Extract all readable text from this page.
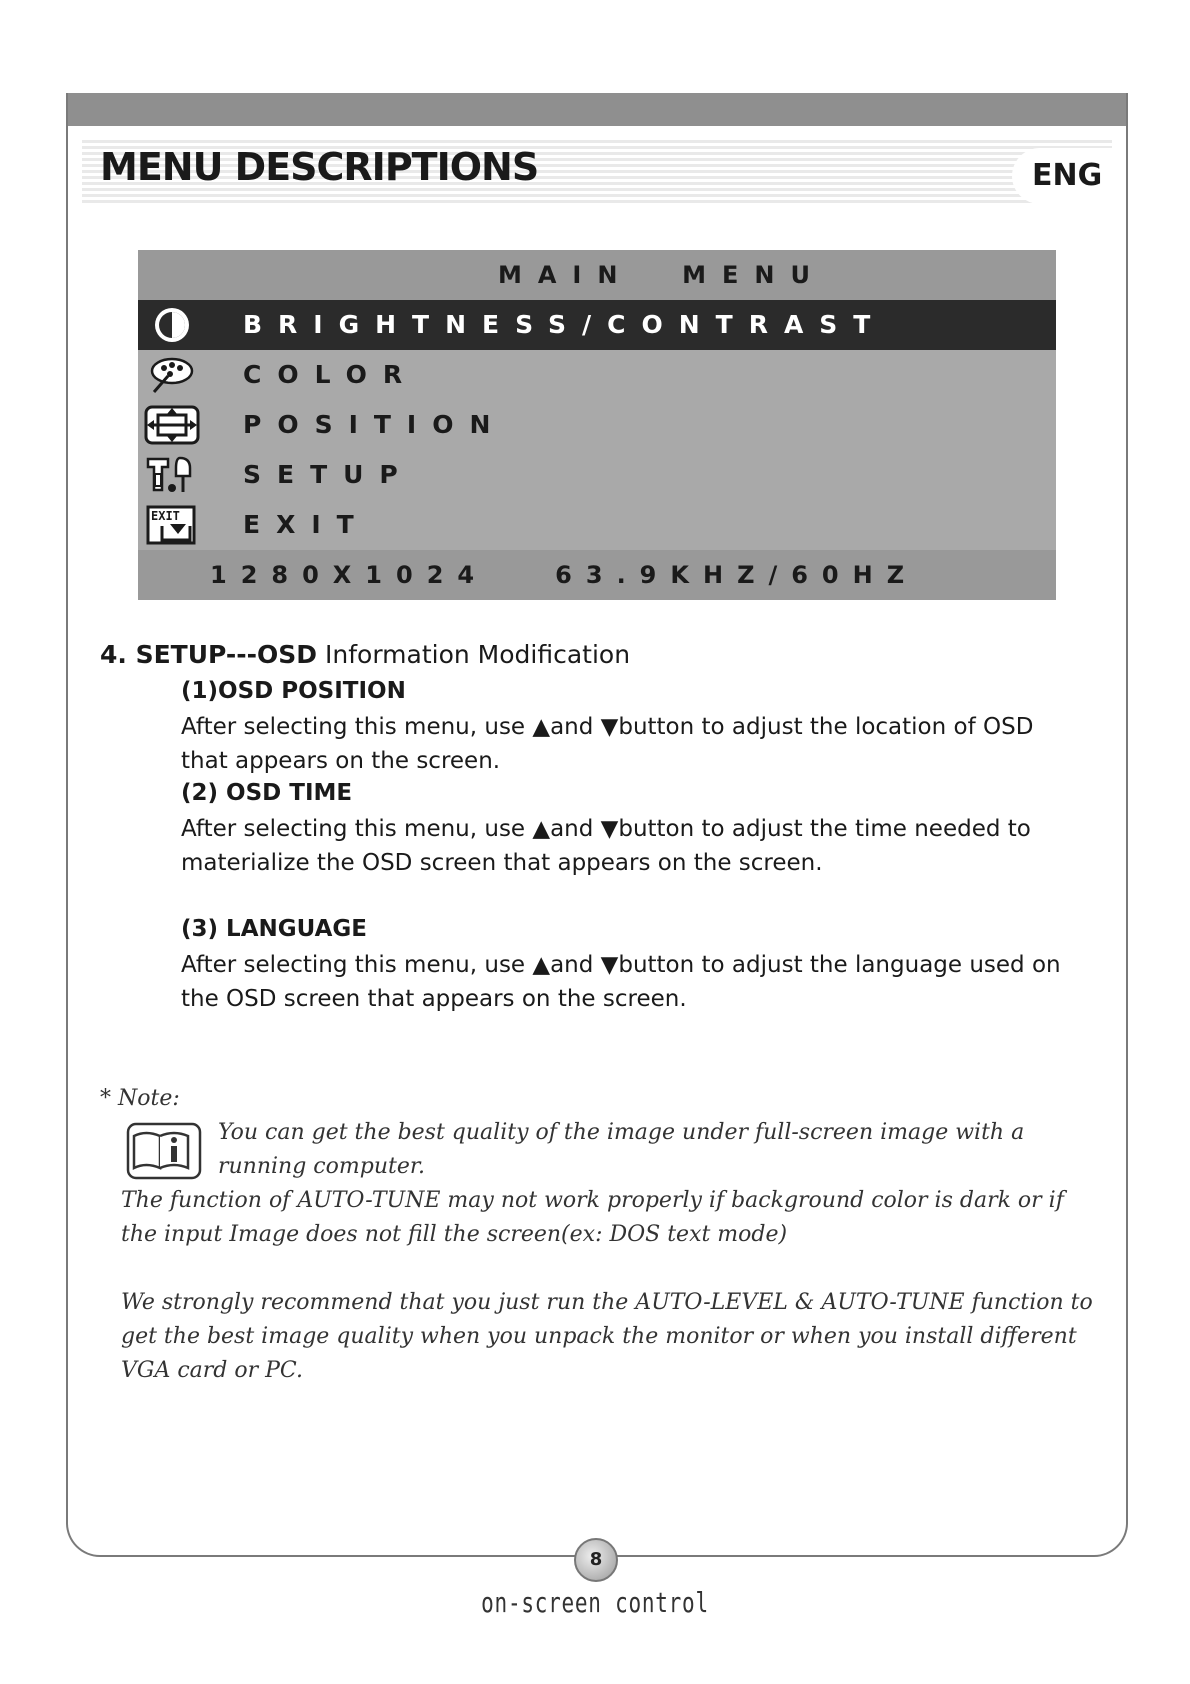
MENU DESCRIPTIONS	ENG
MAIN  MENU
BRIGHTNESS/CONTRAST
COLOR
POSITION
SETUP
EXIT	EXIT
1280X1024   63.9KHZ/60HZ
4. SETUP---OSD Information Modification
(1)OSD POSITION
After selecting this menu, use ▲and ▼button to adjust the location of OSD that appears on the screen.
(2) OSD TIME
After selecting this menu, use ▲and ▼button to adjust the time needed to materialize the OSD screen that appears on the screen.
(3) LANGUAGE
After selecting this menu, use ▲and ▼button to adjust the language used on the OSD screen that appears on the screen.
* Note:
You can get the best quality of the image under full-screen image with a running computer.
The function of AUTO-TUNE may not work properly if background color is dark or if the input Image does not fill the screen(ex: DOS text mode)
We strongly recommend that you just run the AUTO-LEVEL & AUTO-TUNE function to get the best image quality when you unpack the monitor or when you install different VGA card or PC.
8
on-screen control
